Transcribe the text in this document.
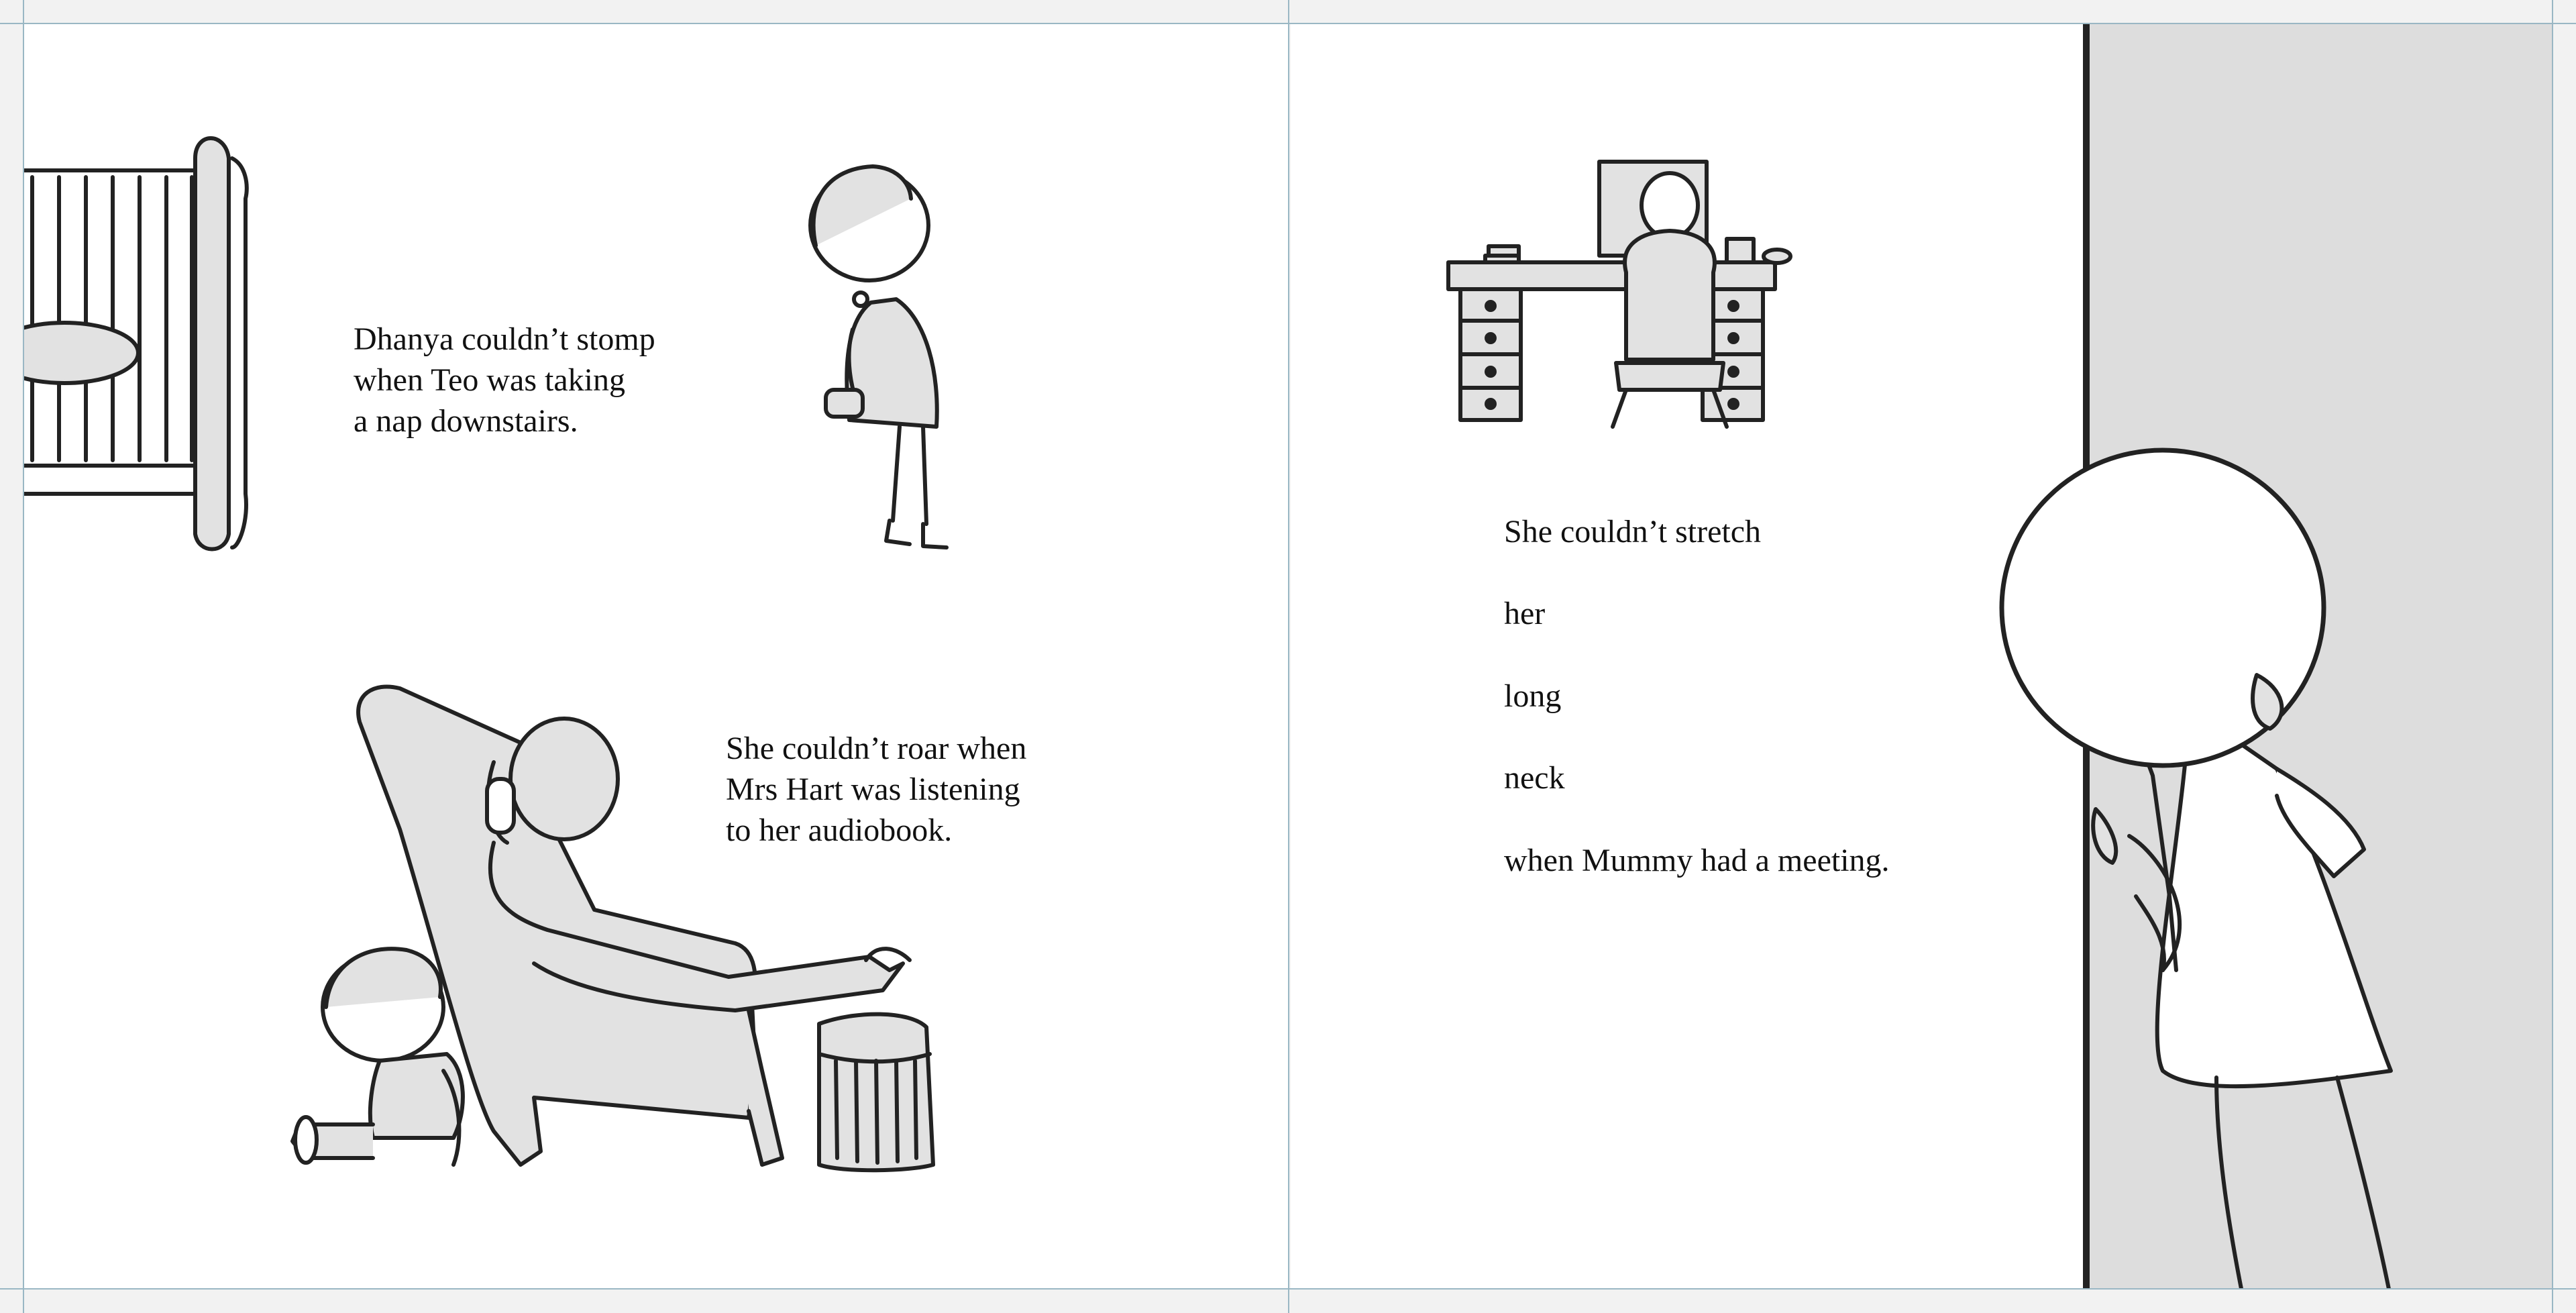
Dhanya couldn’t stomp
when Teo was taking
a nap downstairs.
She couldn’t roar when
Mrs Hart was listening
to her audiobook.
She couldn’t stretch
her
long
neck
when Mummy had a meeting.
